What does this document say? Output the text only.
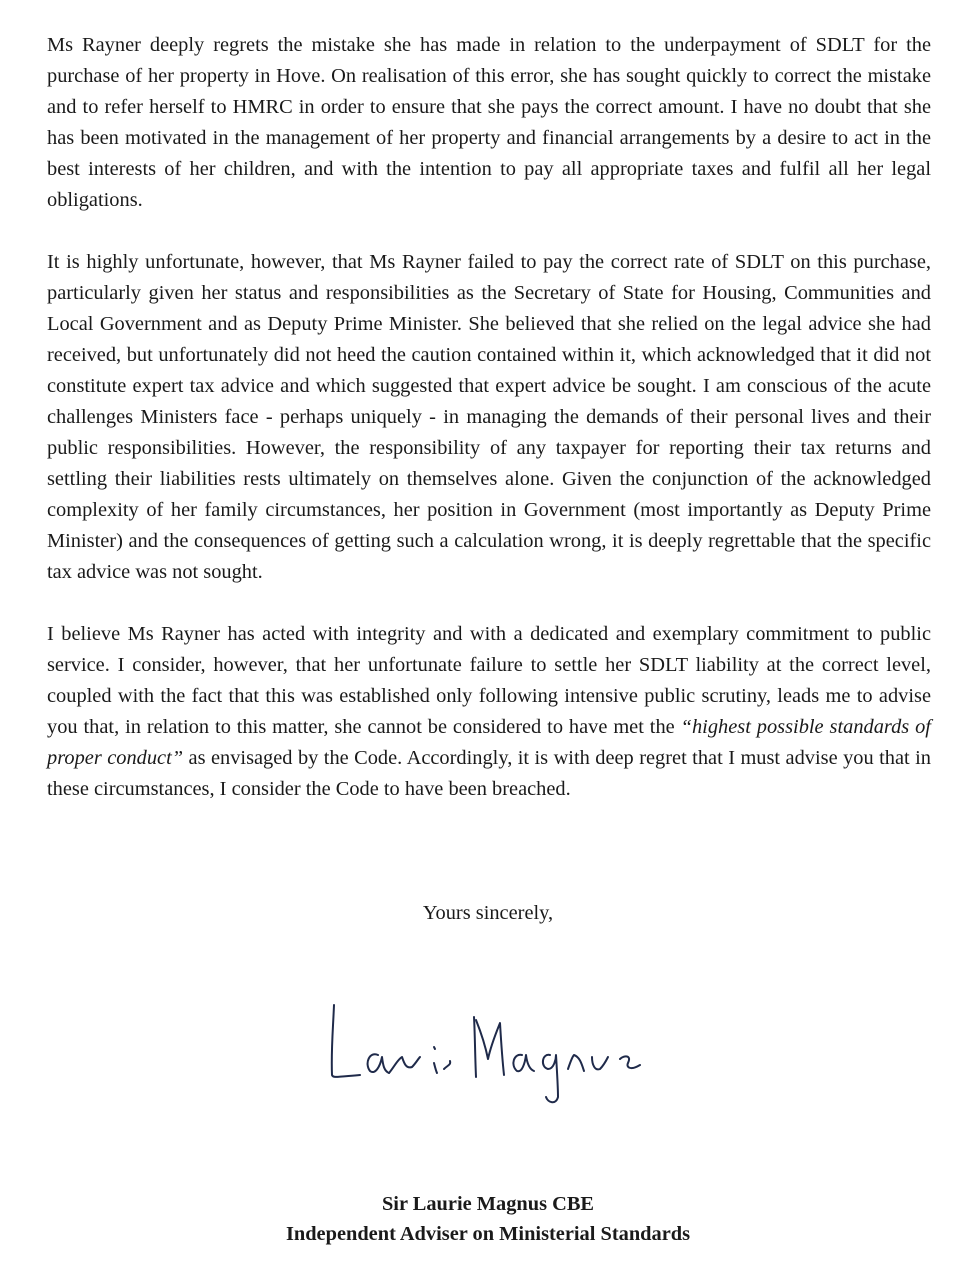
Ms Rayner deeply regrets the mistake she has made in relation to the underpayment of SDLT for the purchase of her property in Hove. On realisation of this error, she has sought quickly to correct the mistake and to refer herself to HMRC in order to ensure that she pays the correct amount. I have no doubt that she has been motivated in the management of her property and financial arrangements by a desire to act in the best interests of her children, and with the intention to pay all appropriate taxes and fulfil all her legal obligations.

It is highly unfortunate, however, that Ms Rayner failed to pay the correct rate of SDLT on this purchase, particularly given her status and responsibilities as the Secretary of State for Housing, Communities and Local Government and as Deputy Prime Minister. She believed that she relied on the legal advice she had received, but unfortunately did not heed the caution contained within it, which acknowledged that it did not constitute expert tax advice and which suggested that expert advice be sought. I am conscious of the acute challenges Ministers face - perhaps uniquely - in managing the demands of their personal lives and their public responsibilities. However, the responsibility of any taxpayer for reporting their tax returns and settling their liabilities rests ultimately on themselves alone. Given the conjunction of the acknowledged complexity of her family circumstances, her position in Government (most importantly as Deputy Prime Minister) and the consequences of getting such a calculation wrong, it is deeply regrettable that the specific tax advice was not sought.

I believe Ms Rayner has acted with integrity and with a dedicated and exemplary commitment to public service. I consider, however, that her unfortunate failure to settle her SDLT liability at the correct level, coupled with the fact that this was established only following intensive public scrutiny, leads me to advise you that, in relation to this matter, she cannot be considered to have met the “highest possible standards of proper conduct” as envisaged by the Code. Accordingly, it is with deep regret that I must advise you that in these circumstances, I consider the Code to have been breached.

Yours sincerely,

Sir Laurie Magnus CBE

Independent Adviser on Ministerial Standards
